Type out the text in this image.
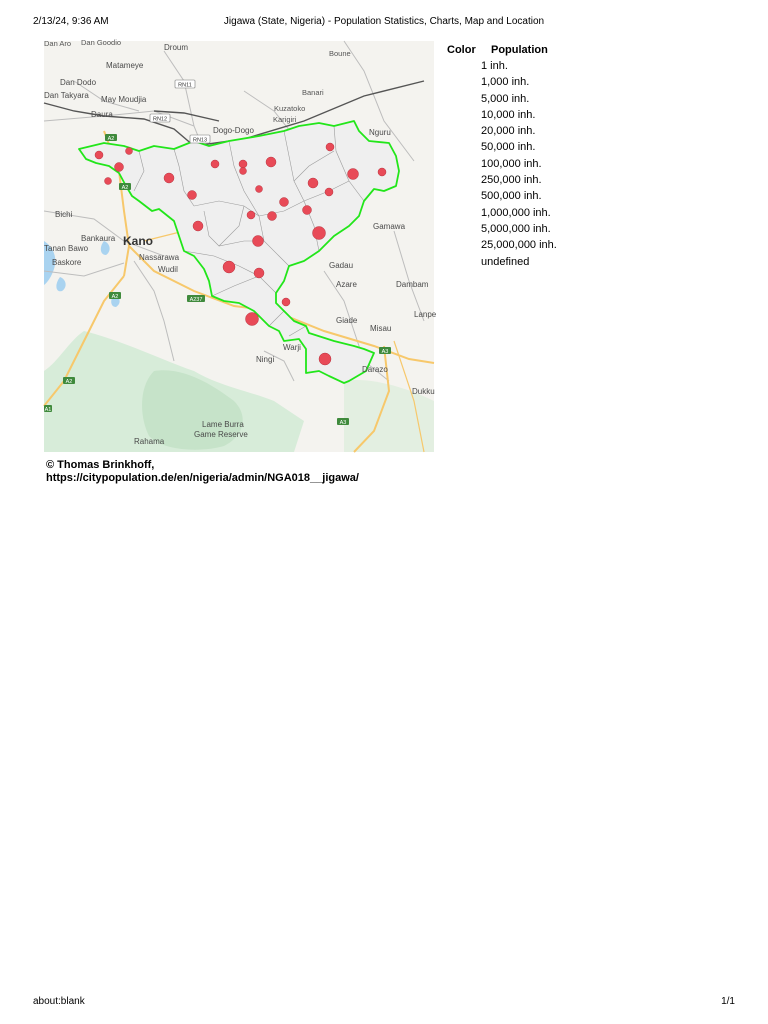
2/13/24, 9:36 AM	Jigawa (State, Nigeria) - Population Statistics, Charts, Map and Location
RN11
RN12
RN13
A2
A2
A2
A2
A237
A3
A3
A1
Dan Aro Dan Goodio
Droum
Boune
Matameye
Dan Dodo
Banari
Dan Takyara May Moudjia
Kuzatoko
Daura
Karigiri
Dogo-Dogo	Nguru
Bichi
Gamawa
Bankaura Kano
Tanan Bawo
Nassarawa
Baskore
Wudil	Gadau
Azare	Dambam
Giade
Misau
Lanpe
Ningi
Warji
Darazo
Dukku
Rahama
Lame Burra
Game Reserve
Color	Population
1 inh.
1,000 inh.
5,000 inh.
10,000 inh.
20,000 inh.
50,000 inh.
100,000 inh.
250,000 inh.
500,000 inh.
1,000,000 inh.
5,000,000 inh.
25,000,000 inh.
undefined
© Thomas Brinkhoff,
https://citypopulation.de/en/nigeria/admin/NGA018__jigawa/
about:blank	1/1
